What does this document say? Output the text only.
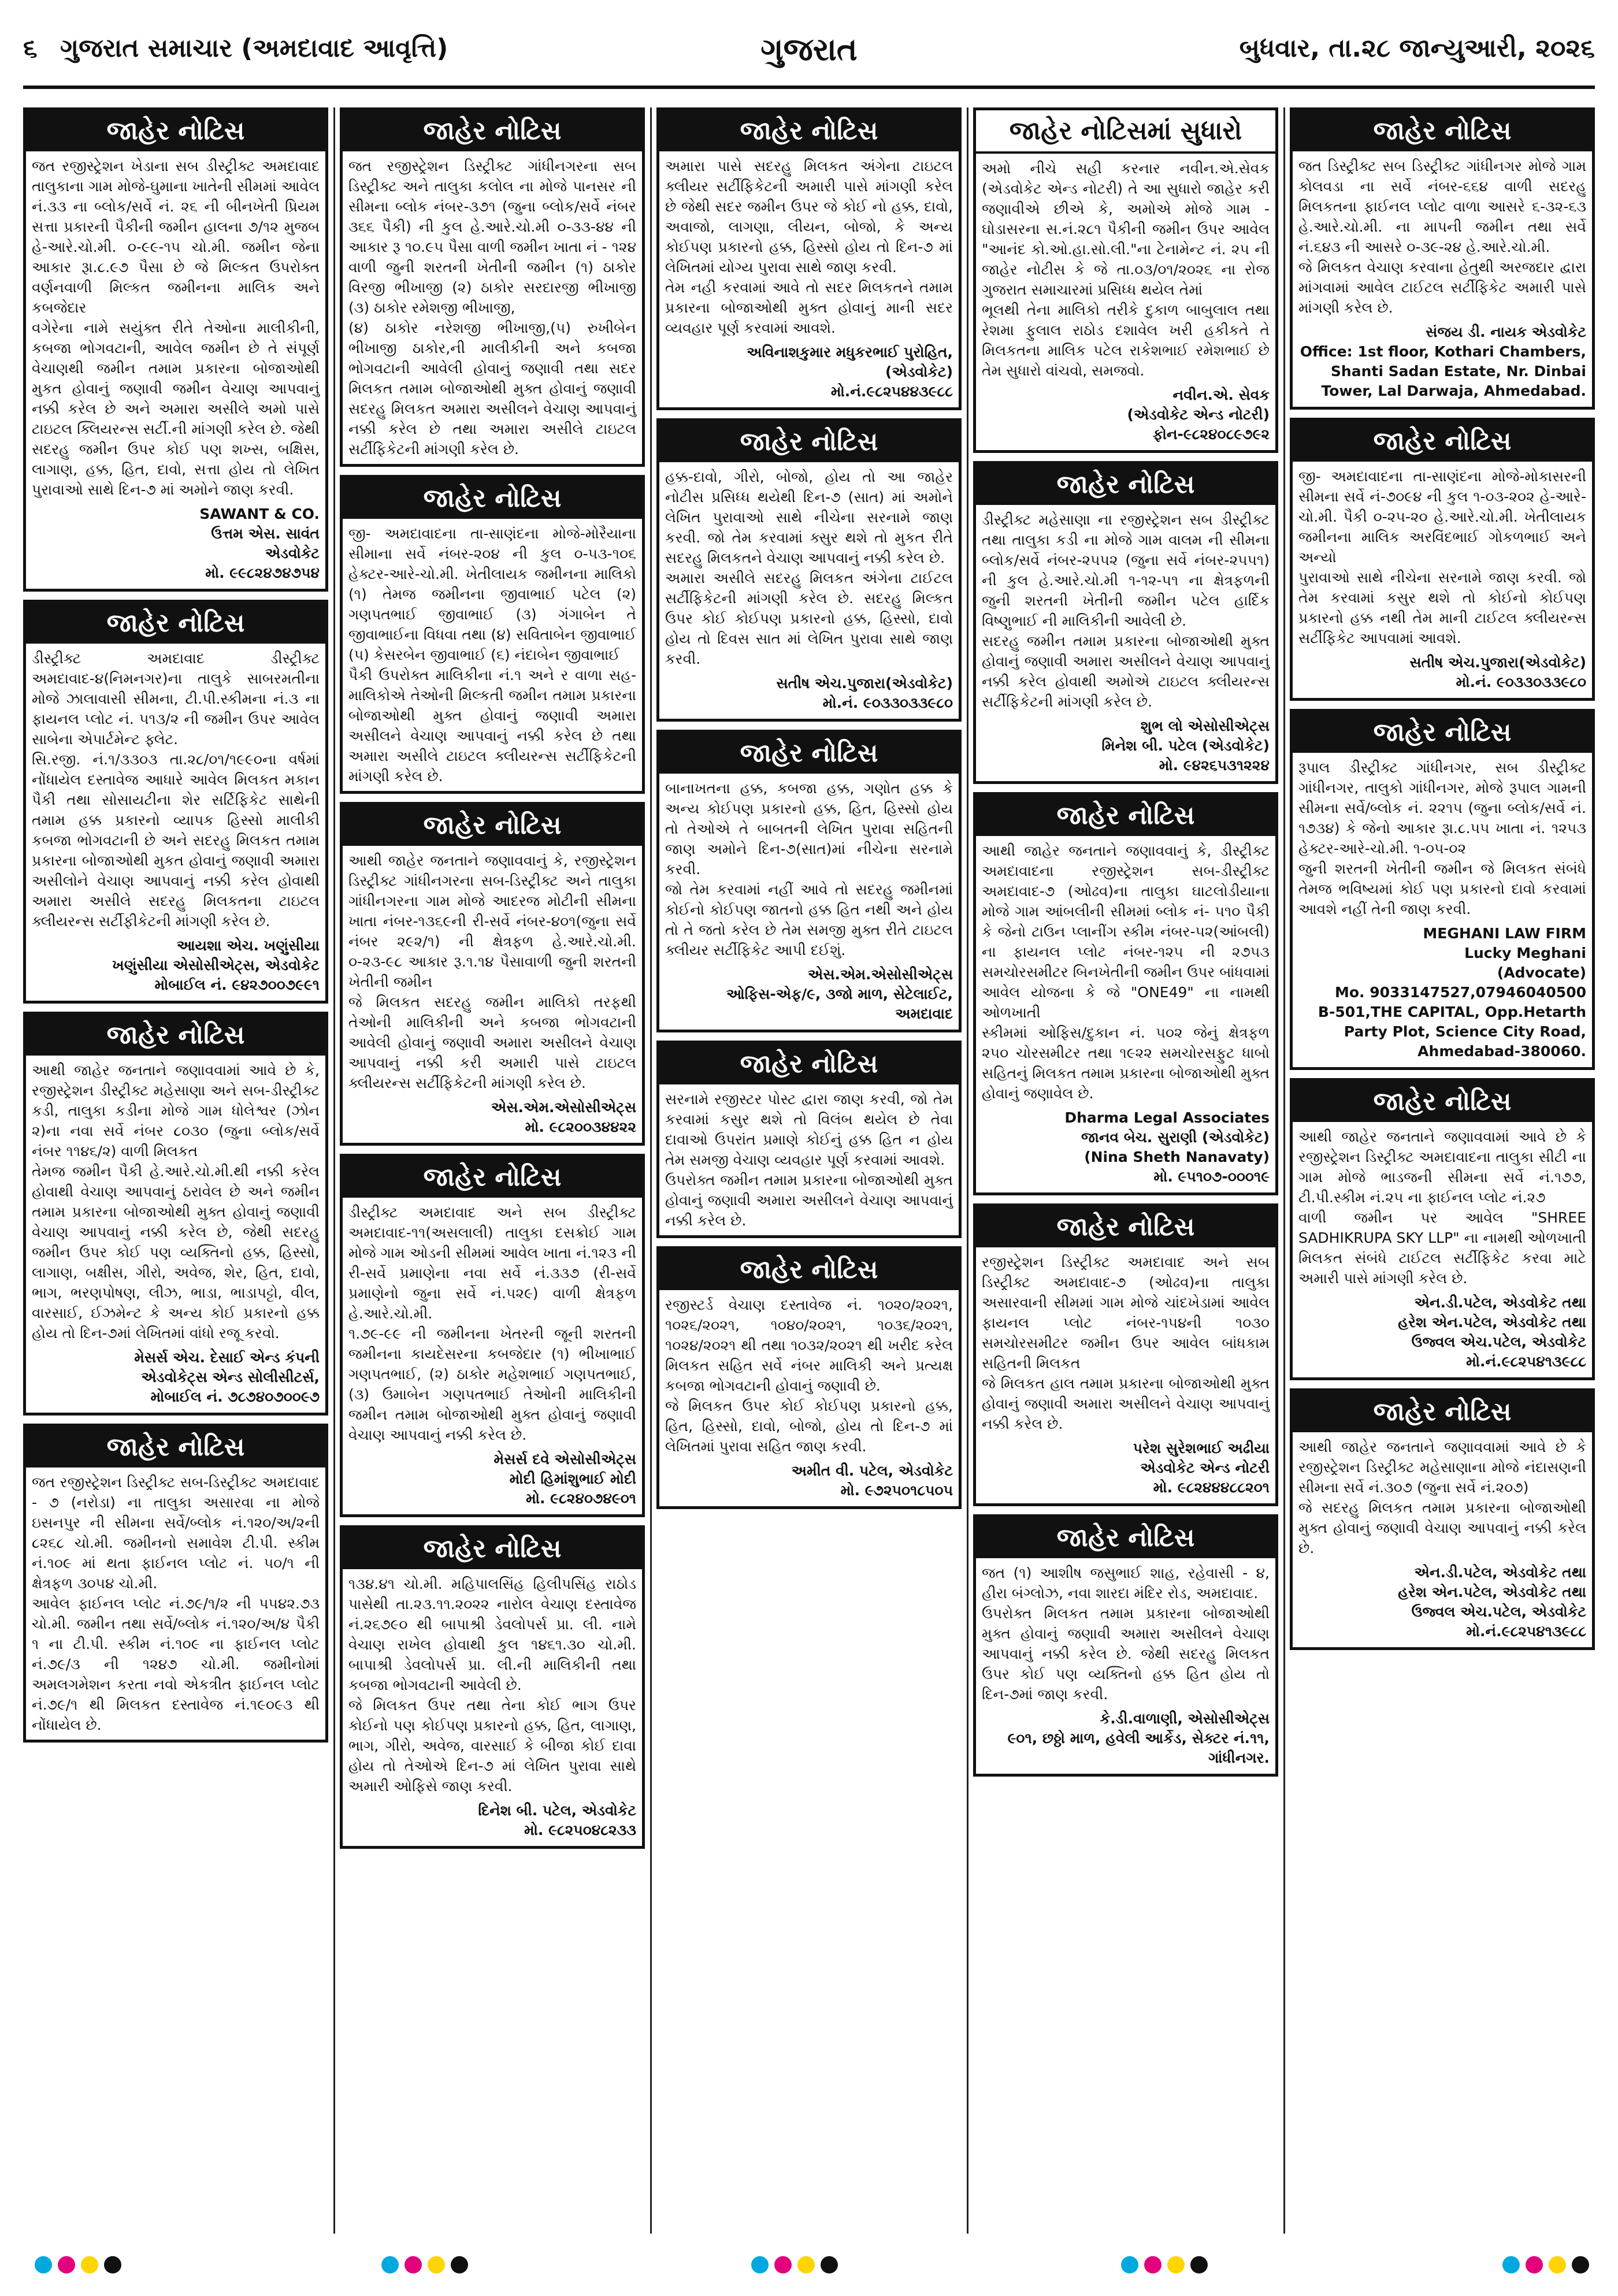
૬ ગુજરાત સમાચાર (અમદાવાદ આવૃત્તિ)	ગુજરાત	બુધવાર, તા.૨૮ જાન્યુઆરી, ૨૦૨૬
જાહેર નોટિસ
જત રજીસ્ટ્રેશન ખેડાના સબ ડીસ્ટ્રીક્ટ અમદાવાદ તાલુકાના ગામ મોજે-ઘુમાના ખાતેની સીમમાં આવેલ નં.૩૩ ના બ્લોક/સર્વે નં. ૨૬ ની બીનખેતી પ્રિયમ સત્તા પ્રકારની પૈકીની જમીન હાલના ૭/૧૨ મુજબ હે-આરે.ચો.મી. ૦-૯૯-૧૫ ચો.મી. જમીન જેના આકાર રૂા.૮.૯૭ પૈસા છે જે મિલ્કત ઉપરોક્ત વર્ણનવાળી મિલ્કત જમીનના માલિક અને કબજેદાર
વગેરેના નામે સયુંક્ત રીતે તેઓના માલીકીની, કબજા ભોગવટાની, આવેલ જમીન છે તે સંપૂર્ણ વેચાણથી જમીન તમામ પ્રકારના બોજાઓથી મુકત હોવાનું જણાવી જમીન વેચાણ આપવાનું નક્કી કરેલ છે અને અમારા અસીલે અમો પાસે ટાઇટલ ક્લિયરન્સ સર્ટી.ની માંગણી કરેલ છે. જેથી સદરહુ જમીન ઉપર કોઈ પણ શખ્સ, બક્ષિસ, લાગાણ, હક્ક, હિત, દાવો, સત્તા હોય તો લેખિત પુરાવાઓ સાથે દિન-૭ માં અમોને જાણ કરવી.
SAWANT & CO.
ઉત્તમ એસ. સાવંત
એડવોકેટ
મો. ૯૯૮૨૪૭૪૭૫૪
જાહેર નોટિસ
ડીસ્ટ્રીક્ટ અમદાવાદ ડીસ્ટ્રીક્ટ અમદાવાદ-૪(નિમનગર)ના તાલુકે સાબરમતીના મોજે ઝાલાવાસી સીમના, ટી.પી.સ્કીમના નં.૩ ના ફાયનલ પ્લોટ નં. ૫૧૩/૨ ની જમીન ઉપર આવેલ સાબેના એપાર્ટમેન્ટ ફ્લેટ.
સિ.રજી. નં.૧/૩૩૦૩ તા.૨૮/૦૧/૧૯૯૦ના વર્ષમાં નોંધાયેલ દસ્તાવેજ આધારે આવેલ મિલકત મકાન પૈકી તથા સોસાયટીના શેર સર્ટિફિકેટ સાથેની તમામ હક્ક પ્રકારનો વ્યાપક હિસ્સો માલીકી કબજા ભોગવટાની છે અને સદરહુ મિલકત તમામ પ્રકારના બોજાઓથી મુકત હોવાનું જણાવી અમારા અસીલોને વેચાણ આપવાનું નક્કી કરેલ હોવાથી અમારા અસીલે સદરહુ મિલકતના ટાઇટલ ક્લીયરન્સ સર્ટીફીકેટની માંગણી કરેલ છે.
આયશા એચ. ખણુંસીયા
ખણુંસીયા એસોસીએટ્સ, એડવોકેટ
મોબાઈલ નં. ૯૪૨૭૦૦૭૯૯૧
જાહેર નોટિસ
આથી જાહેર જનતાને જણાવવામાં આવે છે કે, રજીસ્ટ્રેશન ડીસ્ટ્રીક્ટ મહેસાણા અને સબ-ડીસ્ટ્રીક્ટ કડી, તાલુકા કડીના મોજે ગામ ધોલેશ્વર (ઝોન ૨)ના નવા સર્વે નંબર ૮૦૩૦ (જુના બ્લોક/સર્વે નંબર ૧૧૪૬/૨) વાળી મિલકત
તેમજ જમીન પૈકી હે.આરે.ચો.મી.થી નક્કી કરેલ હોવાથી વેચાણ આપવાનું ઠરાવેલ છે અને જમીન તમામ પ્રકારના બોજાઓથી મુક્ત હોવાનું જણાવી વેચાણ આપવાનું નક્કી કરેલ છે, જેથી સદરહુ જમીન ઉપર કોઈ પણ વ્યક્તિનો હક્ક, હિસ્સો, લાગાણ, બક્ષીસ, ગીરો, અવેજ, શેર, હિત, દાવો, ભાગ, ભરણપોષણ, લીઝ, ભાડા, ભાડાપટ્ટો, વીલ, વારસાઈ, ઈઝમેન્ટ કે અન્ય કોઈ પ્રકારનો હક્ક હોય તો દિન-૭માં લેખિતમાં વાંધો રજૂ કરવો.
મેસર્સ એચ. દેસાઈ એન્ડ કંપની
એડવોકેટ્સ એન્ડ સોલીસીટર્સ,
મોબાઈલ નં. ૭૮૭૪૦૭૦૦૯૭
જાહેર નોટિસ
જત રજીસ્ટ્રેશન ડિસ્ટ્રીક્ટ સબ-ડિસ્ટ્રીક્ટ અમદાવાદ - ૭ (નરોડા) ના તાલુકા અસારવા ના મોજે ઇસનપુર ની સીમના સર્વે/બ્લોક નં.૧૨૦/અ/૨ની ૮૨૬૮ ચો.મી. જમીનનો સમાવેશ ટી.પી. સ્કીમ નં.૧૦૯ માં થતા ફાઈનલ પ્લોટ નં. ૫૦/૧ ની ક્ષેત્રફળ ૩૦૫૪ ચો.મી.
આવેલ ફાઈનલ પ્લોટ નં.૭૯/૧/૨ ની પ૫૪૨.૭૩ ચો.મી. જમીન તથા સર્વે/બ્લોક નં.૧૨૦/અ/૪ પૈકી ૧ ના ટી.પી. સ્કીમ નં.૧૦૯ ના ફાઈનલ પ્લોટ નં.૭૯/૩ ની ૧૨૪૭ ચો.મી. જમીનોમાં અમલગમેશન કરતા નવો એકત્રીત ફાઈનલ પ્લોટ નં.૭૯/૧ થી મિલકત દસ્તાવેજ નં.૧૯૦૯૩ થી નોંધાયેલ છે.
જાહેર નોટિસ
જત રજીસ્ટ્રેશન ડિસ્ટ્રીક્ટ ગાંધીનગરના સબ ડિસ્ટ્રીક્ટ અને તાલુકા કલોલ ના મોજે પાનસર ની સીમના બ્લોક નંબર-૩૭૧ (જુના બ્લોક/સર્વે નંબર ૩૬૬ પૈકી) ની કુલ હે.આરે.ચો.મી ૦-૩૩-૪૪ ની આકાર રૂ ૧૦.૯૫ પૈસા વાળી જમીન ખાતા નં - ૧૨૪ વાળી જુની શરતની ખેતીની જમીન (૧) ઠાકોર વિરજી ભીખાજી (૨) ઠાકોર સરદારજી ભીખાજી (૩) ઠાકોર રમેશજી ભીખાજી,
(૪) ઠાકોર નરેશજી ભીખાજી,(૫) રુખીબેન ભીખાજી ઠાકોર,ની માલીકીની અને કબજા ભોગવટાની આવેલી હોવાનું જણાવી તથા સદર મિલકત તમામ બોજાઓથી મુક્ત હોવાનું જણાવી સદરહુ મિલકત અમારા અસીલને વેચાણ આપવાનું નક્કી કરેલ છે તથા અમારા અસીલે ટાઇટલ સર્ટીફિકેટની માંગણી કરેલ છે.
જાહેર નોટિસ
જી- અમદાવાદના તા-સાણંદના મોજે-મોરૈયાના સીમાના સર્વે નંબર-૨૦૪ ની કુલ ૦-૫૩-૧૦૬ હેક્ટર-આરે-ચો.મી. ખેતીલાયક જમીનના માલિકો (૧) તેમજ જમીનના જીવાભાઈ પટેલ (૨) ગણપતભાઈ જીવાભાઈ (૩) ગંગાબેન તે જીવાભાઈના વિધવા તથા (૪) સવિતાબેન જીવાભાઈ (૫) કેસરબેન જીવાભાઈ (૬) નંદાબેન જીવાભાઈ
પૈકી ઉપરોક્ત માલિકીના નં.૧ અને ર વાળા સહ-માલિકોએ તેઓની મિલ્કતી જમીન તમામ પ્રકારના બોજાઓથી મુક્ત હોવાનું જણાવી અમારા અસીલને વેચાણ આપવાનું નક્કી કરેલ છે તથા અમારા અસીલે ટાઇટલ ક્લીયરન્સ સર્ટીફિકેટની માંગણી કરેલ છે.
જાહેર નોટિસ
આથી જાહેર જનતાને જણાવવાનું કે, રજીસ્ટ્રેશન ડિસ્ટ્રીક્ટ ગાંધીનગરના સબ-ડિસ્ટ્રીક્ટ અને તાલુકા ગાંધીનગરના ગામ મોજે આદરજ મોટીની સીમના ખાતા નંબર-૧૩૬૯ની રી-સર્વે નંબર-૪૦૧(જુના સર્વે નંબર ૨૯૨/૧) ની ક્ષેત્રફળ હે.આરે.ચો.મી. ૦-૨૩-૯૮ આકાર રૂ.૧.૧૪ પૈસાવાળી જુની શરતની ખેતીની જમીન
જે મિલકત સદરહુ જમીન માલિકો તરફથી તેઓની માલિકીની અને કબજા ભોગવટાની આવેલી હોવાનું જણાવી અમારા અસીલને વેચાણ આપવાનું નક્કી કરી અમારી પાસે ટાઇટલ ક્લીયરન્સ સર્ટીફિકેટની માંગણી કરેલ છે.
એસ.એમ.એસોસીએટ્સ
મો. ૯૮૨૦૦૩૪૪૨૨
જાહેર નોટિસ
ડીસ્ટ્રીક્ટ અમદાવાદ અને સબ ડીસ્ટ્રીક્ટ અમદાવાદ-૧૧(અસલાલી) તાલુકા દસક્રોઈ ગામ મોજે ગામ ઓડની સીમમાં આવેલ ખાતા નં.૧૨૩ ની રી-સર્વે પ્રમાણેના નવા સર્વે નં.૩૩૭ (રી-સર્વે પ્રમાણેનો જુના સર્વે નં.૫૨૯) વાળી ક્ષેત્રફળ હે.આરે.ચો.મી.
૧.૭૯-૯૯ ની જમીનના ખેતરની જૂની શરતની જમીનના કાયદેસરના કબજેદાર (૧) ભીખાભાઈ ગણપતભાઈ, (૨) ઠાકોર મહેશભાઈ ગણપતભાઈ, (૩) ઉમાબેન ગણપતભાઈ તેઓની માલિકીની જમીન તમામ બોજાઓથી મુક્ત હોવાનું જણાવી વેચાણ આપવાનું નક્કી કરેલ છે.
મેસર્સ દવે એસોસીએટ્સ
મોદી હિમાંશુભાઈ મોદી
મો. ૯૮૨૪૦૭૪૯૦૧
જાહેર નોટિસ
૧૩૪.૪૧ ચો.મી. મહિપાલસિંહ હિલીપસિંહ રાઠોડ પાસેથી તા.૨૩.૧૧.૨૦૨૨ નારોલ વેચાણ દસ્તાવેજ નં.૨૬૭૯૦ થી બાપાશ્રી ડેવલોપર્સ પ્રા. લી. નામે વેચાણ રાખેલ હોવાથી કુલ ૧૪૬૧.૩૦ ચો.મી. બાપાશ્રી ડેવલોપર્સ પ્રા. લી.ની માલિકીની તથા કબજા ભોગવટાની આવેલી છે.
જે મિલકત ઉપર તથા તેના કોઈ ભાગ ઉપર કોઈનો પણ કોઈપણ પ્રકારનો હક્ક, હિત, લાગાણ, ભાગ, ગીરો, અવેજ, વારસાઈ કે બીજા કોઈ દાવા હોય તો તેઓએ દિન-૭ માં લેખિત પુરાવા સાથે અમારી ઓફિસે જાણ કરવી.
દિનેશ બી. પટેલ, એડવોકેટ
મો. ૯૮૨૫૦૪૮૨૩૩
જાહેર નોટિસ
અમારા પાસે સદરહુ મિલકત અંગેના ટાઇટલ ક્લીયર સર્ટીફિકેટની અમારી પાસે માંગણી કરેલ છે જેથી સદર જમીન ઉપર જે કોઈ નો હક્ક, દાવો, અવાજો, લાગણા, લીયન, બોજો, કે અન્ય કોઈપણ પ્રકારનો હક્ક, હિસ્સો હોય તો દિન-૭ માં લેખિતમાં યોગ્ય પુરાવા સાથે જાણ કરવી.
તેમ નહી કરવામાં આવે તો સદર મિલકતને તમામ પ્રકારના બોજાઓથી મુક્ત હોવાનું માની સદર વ્યવહાર પૂર્ણ કરવામાં આવશે.
અવિનાશકુમાર મધુકરભાઈ પુરોહિત,
(એડવોકેટ)
મો.નં.૯૮૨૫૪૪૩૯૮૮
જાહેર નોટિસ
હક્ક-દાવો, ગીરો, બોજો, હોય તો આ જાહેર નોટીસ પ્રસિધ્ધ થયેથી દિન-૭ (સાત) માં અમોને લેખિત પુરાવાઓ સાથે નીચેના સરનામે જાણ કરવી. જો તેમ કરવામાં ક્સુર થશે તો મુકત રીતે સદરહુ મિલકતને વેચાણ આપવાનું નક્કી કરેલ છે.
અમારા અસીલે સદરહુ મિલકત અંગેના ટાઈટલ સર્ટીફિકેટની માંગણી કરેલ છે. સદરહુ મિલ્કત ઉપર કોઈ કોઈપણ પ્રકારનો હક્ક, હિસ્સો, દાવો હોય તો દિવસ સાત માં લેખિત પુરાવા સાથે જાણ કરવી.
સતીષ એચ.પુજારા(એડવોકેટ)
મો.નં. ૯૦૩૩૦૩૩૯૮૦
જાહેર નોટિસ
બાનાખતના હક્ક, કબજા હક્ક, ગણોત હક્ક કે અન્ય કોઈપણ પ્રકારનો હક્ક, હિત, હિસ્સો હોય તો તેઓએ તે બાબતની લેખિત પુરાવા સહિતની જાણ અમોને દિન-૭(સાત)માં નીચેના સરનામે કરવી.
જો તેમ કરવામાં નહીં આવે તો સદરહુ જમીનમાં કોઈનો કોઈપણ જાતનો હક્ક હિત નથી અને હોય તો તે જતો કરેલ છે તેમ સમજી મુક્ત રીતે ટાઇટલ ક્લીયર સર્ટીફિકેટ આપી દઈશું.
એસ.એમ.એસોસીએટ્સ
ઓફિસ-એફ/૯, ૩જો માળ, સેટેલાઈટ, અમદાવાદ
જાહેર નોટિસ
સરનામે રજીસ્ટર પોસ્ટ દ્વારા જાણ કરવી, જો તેમ કરવામાં કસુર થશે તો વિલંબ થયેલ છે તેવા દાવાઓ ઉપરાંત પ્રમાણે કોઈનું હક્ક હિત ન હોય તેમ સમજી વેચાણ વ્યવહાર પૂર્ણ કરવામાં આવશે.
ઉપરોક્ત જમીન તમામ પ્રકારના બોજાઓથી મુક્ત હોવાનું જણાવી અમારા અસીલને વેચાણ આપવાનું નક્કી કરેલ છે.
જાહેર નોટિસ
રજીસ્ટર્ડ વેચાણ દસ્તાવેજ નં. ૧૦૨૦/૨૦૨૧, ૧૦૨૬/૨૦૨૧, ૧૦૪૦/૨૦૨૧, ૧૦૩૬/૨૦૨૧, ૧૦૨૪/૨૦૨૧ થી તથા ૧૦૩૨/૨૦૨૧ થી ખરીદ કરેલ મિલકત સહિત સર્વે નંબર માલિકી અને પ્રત્યક્ષ કબજા ભોગવટાની હોવાનું જણાવી છે.
જે મિલકત ઉપર કોઈ કોઈપણ પ્રકારનો હક્ક, હિત, હિસ્સો, દાવો, બોજો, હોય તો દિન-૭ માં લેખિતમાં પુરાવા સહિત જાણ કરવી.
અમીત વી. પટેલ, એડવોકેટ
મો. ૯૭૨૫૦૧૮૫૦૫
જાહેર નોટિસમાં સુધારો
અમો નીચે સહી કરનાર નવીન.એ.સેવક (એડવોકેટ એન્ડ નોટરી) તે આ સુધારો જાહેર કરી જણાવીએ છીએ કે, અમોએ મોજે ગામ - ઘોડાસરના સ.નં.૨૮૧ પૈકીની જમીન ઉપર આવેલ "આનંદ કો.ઓ.હા.સો.લી."ના ટેનામેન્ટ નં. ૨૫ ની જાહેર નોટીસ કે જે તા.૦૩/૦૧/૨૦૨૬ ના રોજ ગુજરાત સમાચારમાં પ્રસિધ્ધ થયેલ તેમાં
ભૂલથી તેના માલિકો તરીકે દુકાળ બાબુલાલ તથા રેશમા ફુલાલ રાઠોડ દશાવેલ ખરી હકીકતે તે મિલકતના માલિક પટેલ રાકેશભાઈ રમેશભાઈ છે તેમ સુધારો વાંચવો, સમજવો.
નવીન.એ. સેવક
(એડવોકેટ એન્ડ નોટરી)
ફોન-૯૮૨૪૦૮૯૭૯૨
જાહેર નોટિસ
ડીસ્ટ્રીક્ટ મહેસાણા ના રજીસ્ટ્રેશન સબ ડીસ્ટ્રીક્ટ તથા તાલુકા કડી ના મોજે ગામ વાલમ ની સીમના બ્લોક/સર્વે નંબર-૨૫૫૨ (જુના સર્વે નંબર-૨૫૫૧) ની કુલ હે.આરે.ચો.મી ૧-૧૨-૫૧ ના ક્ષેત્રફળની જુની શરતની ખેતીની જમીન પટેલ હાર્દિક વિષ્ણુભાઈ ની માલિકીની આવેલી છે.
સદરહુ જમીન તમામ પ્રકારના બોજાઓથી મુક્ત હોવાનું જણાવી અમારા અસીલને વેચાણ આપવાનું નક્કી કરેલ હોવાથી અમોએ ટાઇટલ ક્લીયરન્સ સર્ટીફિકેટની માંગણી કરેલ છે.
શુભ લો એસોસીએટ્સ
મિનેશ બી. પટેલ (એડવોકેટ)
મો. ૯૪૨૬૫૩૧૨૨૪
જાહેર નોટિસ
આથી જાહેર જનતાને જણાવવાનું કે, ડીસ્ટ્રીક્ટ અમદાવાદના રજીસ્ટ્રેશન સબ-ડીસ્ટ્રીક્ટ અમદાવાદ-૭ (ઓઢવ)ના તાલુકા ઘાટલોડીયાના મોજે ગામ આંબલીની સીમમાં બ્લોક નં- ૫૧૦ પૈકી કે જેનો ટાઉન પ્લાનીંગ સ્કીમ નંબર-૫૨(આંબલી) ના ફાયનલ પ્લોટ નંબર-૧૨૫ ની ૨૭૫૩ સમચોરસમીટર બિનખેતીની જમીન ઉપર બાંધવામાં આવેલ યોજના કે જે "ONE49" ના નામથી ઓળખાતી
સ્કીમમાં ઓફિસ/દુકાન નં. ૫૦૨ જેનું ક્ષેત્રફળ ૨૫૦ ચોરસમીટર તથા ૧૯૨૨ સમચોરસફુટ ધાબો સહિતનું મિલકત તમામ પ્રકારના બોજાઓથી મુક્ત હોવાનું જણાવેલ છે.
Dharma Legal Associates
જાનવ બેચ. સુરાણી (એડવોકેટ)
(Nina Sheth Nanavaty)
મો. ૯૫૧૦૭-૦૦૦૧૯
જાહેર નોટિસ
રજીસ્ટ્રેશન ડિસ્ટ્રીક્ટ અમદાવાદ અને સબ ડિસ્ટ્રીક્ટ અમદાવાદ-૭ (ઓઢવ)ના તાલુકા અસારવાની સીમમાં ગામ મોજે ચાંદખેડામાં આવેલ ફાયનલ પ્લોટ નંબર-૧૫૪ની ૧૦૩૦ સમચોરસમીટર જમીન ઉપર આવેલ બાંધકામ સહિતની મિલકત
જે મિલકત હાલ તમામ પ્રકારના બોજાઓથી મુક્ત હોવાનું જણાવી અમારા અસીલને વેચાણ આપવાનું નક્કી કરેલ છે.
પરેશ સુરેશભાઈ અઢીયા
એડવોકેટ એન્ડ નોટરી
મો. ૯૮૨૪૪૪૮૮૨૦૧
જાહેર નોટિસ
જત (૧) આશીષ જસુભાઈ શાહ, રહેવાસી - ૪, હીરા બંગ્લોઝ, નવા શારદા મંદિર રોડ, અમદાવાદ.
ઉપરોક્ત મિલકત તમામ પ્રકારના બોજાઓથી મુક્ત હોવાનું જણાવી અમારા અસીલને વેચાણ આપવાનું નક્કી કરેલ છે. જેથી સદરહુ મિલકત ઉપર કોઈ પણ વ્યક્તિનો હક્ક હિત હોય તો દિન-૭માં જાણ કરવી.
કે.ડી.વાળાણી, એસોસીએટ્સ
૯૦૧, છઠ્ઠો માળ, હવેલી આર્કેડ, સેક્ટર નં.૧૧, ગાંધીનગર.
જાહેર નોટિસ
જત ડિસ્ટ્રીક્ટ સબ ડિસ્ટ્રીક્ટ ગાંધીનગર મોજે ગામ કોલવડા ના સર્વે નંબર-૬૬૪ વાળી સદરહુ મિલકતના ફાઈનલ પ્લોટ વાળા આસરે ૬-૩૨-૬૩ હે.આરે.ચો.મી. ના માપની જમીન તથા સર્વે નં.૬૪૩ ની આસરે ૦-૩૯-૨૪ હે.આરે.ચો.મી.
જે મિલકત વેચાણ કરવાના હેતુથી અરજદાર દ્વારા માંગવામાં આવેલ ટાઈટલ સર્ટીફિકેટ અમારી પાસે માંગણી કરેલ છે.
સંજય ડી. નાયક એડવોકેટ
Office: 1st floor, Kothari Chambers, Shanti Sadan Estate, Nr. Dinbai Tower, Lal Darwaja, Ahmedabad.
જાહેર નોટિસ
જી- અમદાવાદના તા-સાણંદના મોજે-મોકાસરની સીમના સર્વે નં-૭૦૯૪ ની કુલ ૧-૦૩-૨૦૨ હે-આરે-ચો.મી. પૈકી ૦-૨૫-૨૦ હે.આરે.ચો.મી. ખેતીલાયક જમીનના માલિક અરવિંદભાઈ ગોકળભાઈ અને અન્યો
પુરાવાઓ સાથે નીચેના સરનામે જાણ કરવી. જો તેમ કરવામાં કસુર થશે તો કોઈનો કોઈપણ પ્રકારનો હક્ક નથી તેમ માની ટાઈટલ ક્લીયરન્સ સર્ટીફિકેટ આપવામાં આવશે.
સતીષ એચ.પુજારા(એડવોકેટ)
મો.નં. ૯૦૩૩૦૩૩૯૮૦
જાહેર નોટિસ
રૂપાલ ડીસ્ટ્રીક્ટ ગાંધીનગર, સબ ડીસ્ટ્રીક્ટ ગાંધીનગર, તાલુકો ગાંધીનગર, મોજે રૂપાલ ગામની સીમના સર્વે/બ્લોક નં. ૨૨૧૫ (જુના બ્લોક/સર્વે નં. ૧૭૩૪) કે જેનો આકાર રૂા.૮.૫૫ ખાતા નં. ૧૨૫૩ હેક્ટર-આરે-ચો.મી. ૧-૦૫-૦૨
જુની શરતની ખેતીની જમીન જે મિલકત સંબંધે તેમજ ભવિષ્યમાં કોઈ પણ પ્રકારનો દાવો કરવામાં આવશે નહીં તેની જાણ કરવી.
MEGHANI LAW FIRM
Lucky Meghani
(Advocate)
Mo. 9033147527,07946040500
B-501,THE CAPITAL, Opp.Hetarth Party Plot, Science City Road, Ahmedabad-380060.
જાહેર નોટિસ
આથી જાહેર જનતાને જણાવવામાં આવે છે કે રજીસ્ટ્રેશન ડિસ્ટ્રીક્ટ અમદાવાદના તાલુકા સીટી ના ગામ મોજે ભાડજની સીમના સર્વે નં.૧૭૭, ટી.પી.સ્કીમ નં.૨૫ ના ફાઈનલ પ્લોટ નં.૨૭
વાળી જમીન પર આવેલ "SHREE SADHIKRUPA SKY LLP" ના નામથી ઓળખાતી મિલકત સંબંધે ટાઈટલ સર્ટીફિકેટ કરવા માટે અમારી પાસે માંગણી કરેલ છે.
એન.ડી.પટેલ, એડવોકેટ તથા
હરેશ એન.પટેલ, એડવોકેટ તથા
ઉજ્વલ એચ.પટેલ, એડવોકેટ
મો.નં.૯૮૨૫૪૧૩૯૮૮
જાહેર નોટિસ
આથી જાહેર જનતાને જણાવવામાં આવે છે કે રજીસ્ટ્રેશન ડિસ્ટ્રીક્ટ મહેસાણાના મોજે નંદાસણની સીમના સર્વે નં.૩૦૭ (જુના સર્વે નં.૨૦૭)
જે સદરહુ મિલકત તમામ પ્રકારના બોજાઓથી મુક્ત હોવાનું જણાવી વેચાણ આપવાનું નક્કી કરેલ છે.
એન.ડી.પટેલ, એડવોકેટ તથા
હરેશ એન.પટેલ, એડવોકેટ તથા
ઉજ્વલ એચ.પટેલ, એડવોકેટ
મો.નં.૯૮૨૫૪૧૩૯૮૮
